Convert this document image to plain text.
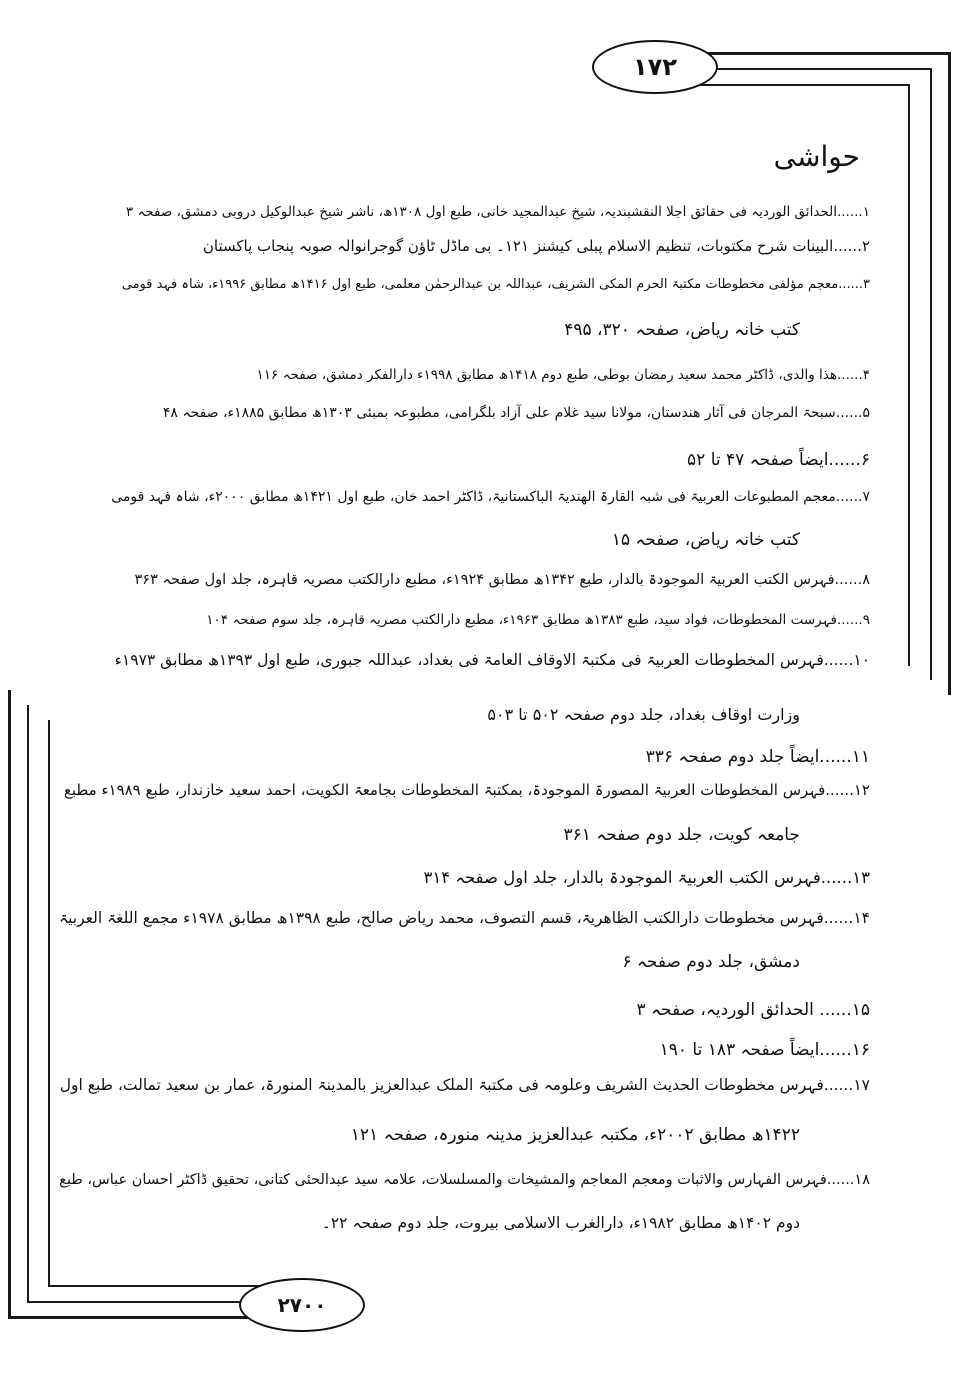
۱۷۲
۲۷۰۰
حواشی
۱......الحدائق الوردیہ فی حقائق اجلا النقشبندیہ، شیخ عبدالمجید خانی، طبع اول ۱۳۰۸ھ، ناشر شیخ عبدالوکیل دروبی دمشق، صفحہ ۳
۲......البینات شرح مکتوبات، تنظیم الاسلام پبلی کیشنز ۱۲۱۔ بی ماڈل ٹاؤن گوجرانوالہ صوبہ پنجاب پاکستان
۳......معجم مؤلفی مخطوطات مکتبۃ الحرم المکی الشریف، عبداللہ بن عبدالرحمٰن معلمی، طبع اول ۱۴۱۶ھ مطابق ۱۹۹۶ء، شاہ فہد قومی
کتب خانہ ریاض، صفحہ ۳۲۰، ۴۹۵
۴......ھذا والدی، ڈاکٹر محمد سعید رمضان بوطی، طبع دوم ۱۴۱۸ھ مطابق ۱۹۹۸ء دارالفکر دمشق، صفحہ ۱۱۶
۵......سبحۃ المرجان فی آثار ھندستان، مولانا سید غلام علی آزاد بلگرامی، مطبوعہ بمبئی ۱۳۰۳ھ مطابق ۱۸۸۵ء، صفحہ ۴۸
۶......ایضاً صفحہ ۴۷ تا ۵۲
۷......معجم المطبوعات العربیۃ فی شبہ القارۃ الھندیۃ الباکستانیۃ، ڈاکٹر احمد خان، طبع اول ۱۴۲۱ھ مطابق ۲۰۰۰ء، شاہ فہد قومی
کتب خانہ ریاض، صفحہ ۱۵
۸......فہرس الکتب العربیۃ الموجودۃ بالدار، طبع ۱۳۴۲ھ مطابق ۱۹۲۴ء، مطبع دارالکتب مصریہ قاہرہ، جلد اول صفحہ ۳۶۳
۹......فہرست المخطوطات، فواد سید، طبع ۱۳۸۳ھ مطابق ۱۹۶۳ء، مطبع دارالکتب مصریہ قاہرہ، جلد سوم صفحہ ۱۰۴
۱۰......فہرس المخطوطات العربیۃ فی مکتبۃ الاوقاف العامۃ فی بغداد، عبداللہ جبوری، طبع اول ۱۳۹۳ھ مطابق ۱۹۷۳ء
وزارت اوقاف بغداد، جلد دوم صفحہ ۵۰۲ تا ۵۰۳
۱۱......ایضاً جلد دوم صفحہ ۳۳۶
۱۲......فہرس المخطوطات العربیۃ المصورۃ الموجودۃ، بمکتبۃ المخطوطات بجامعۃ الکویت، احمد سعید خازندار، طبع ۱۹۸۹ء مطبع
جامعہ کویت، جلد دوم صفحہ ۳۶۱
۱۳......فہرس الکتب العربیۃ الموجودۃ بالدار، جلد اول صفحہ ۳۱۴
۱۴......فہرس مخطوطات دارالکتب الظاھریۃ، قسم التصوف، محمد ریاض صالح، طبع ۱۳۹۸ھ مطابق ۱۹۷۸ء مجمع اللغۃ العربیۃ
دمشق، جلد دوم صفحہ ۶
۱۵...... الحدائق الوردیہ، صفحہ ۳
۱۶......ایضاً صفحہ ۱۸۳ تا ۱۹۰
۱۷......فہرس مخطوطات الحدیث الشریف وعلومہ فی مکتبۃ الملک عبدالعزیز بالمدینۃ المنورۃ، عمار بن سعید تمالت، طبع اول
۱۴۲۲ھ مطابق ۲۰۰۲ء، مکتبہ عبدالعزیز مدینہ منورہ، صفحہ ۱۲۱
۱۸......فہرس الفہارس والاثبات ومعجم المعاجم والمشیخات والمسلسلات، علامہ سید عبدالحئی کتانی، تحقیق ڈاکٹر احسان عباس، طبع
دوم ۱۴۰۲ھ مطابق ۱۹۸۲ء، دارالغرب الاسلامی بیروت، جلد دوم صفحہ ۲۲۔
